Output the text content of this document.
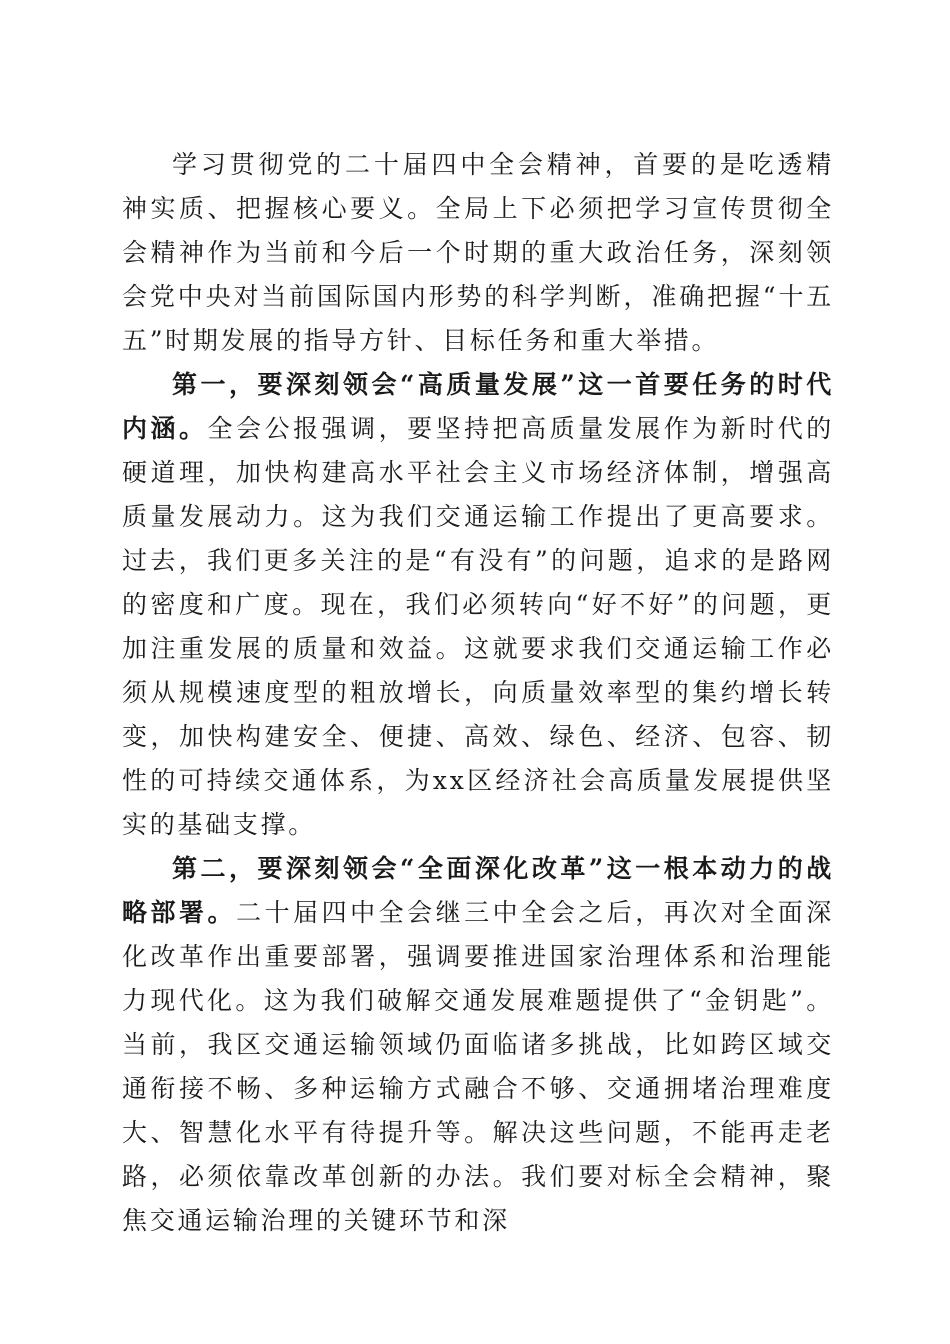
学习贯彻党的二十届四中全会精神，首要的是吃透精神实质、把握核心要义。全局上下必须把学习宣传贯彻全会精神作为当前和今后一个时期的重大政治任务，深刻领会党中央对当前国际国内形势的科学判断，准确把握“十五五”时期发展的指导方针、目标任务和重大举措。

第一，要深刻领会“高质量发展”这一首要任务的时代内涵。全会公报强调，要坚持把高质量发展作为新时代的硬道理，加快构建高水平社会主义市场经济体制，增强高质量发展动力。这为我们交通运输工作提出了更高要求。过去，我们更多关注的是“有没有”的问题，追求的是路网的密度和广度。现在，我们必须转向“好不好”的问题，更加注重发展的质量和效益。这就要求我们交通运输工作必须从规模速度型的粗放增长，向质量效率型的集约增长转变，加快构建安全、便捷、高效、绿色、经济、包容、韧性的可持续交通体系，为xx区经济社会高质量发展提供坚实的基础支撑。

第二，要深刻领会“全面深化改革”这一根本动力的战略部署。二十届四中全会继三中全会之后，再次对全面深化改革作出重要部署，强调要推进国家治理体系和治理能力现代化。这为我们破解交通发展难题提供了“金钥匙”。当前，我区交通运输领域仍面临诸多挑战，比如跨区域交通衔接不畅、多种运输方式融合不够、交通拥堵治理难度大、智慧化水平有待提升等。解决这些问题，不能再走老路，必须依靠改革创新的办法。我们要对标全会精神，聚焦交通运输治理的关键环节和深
